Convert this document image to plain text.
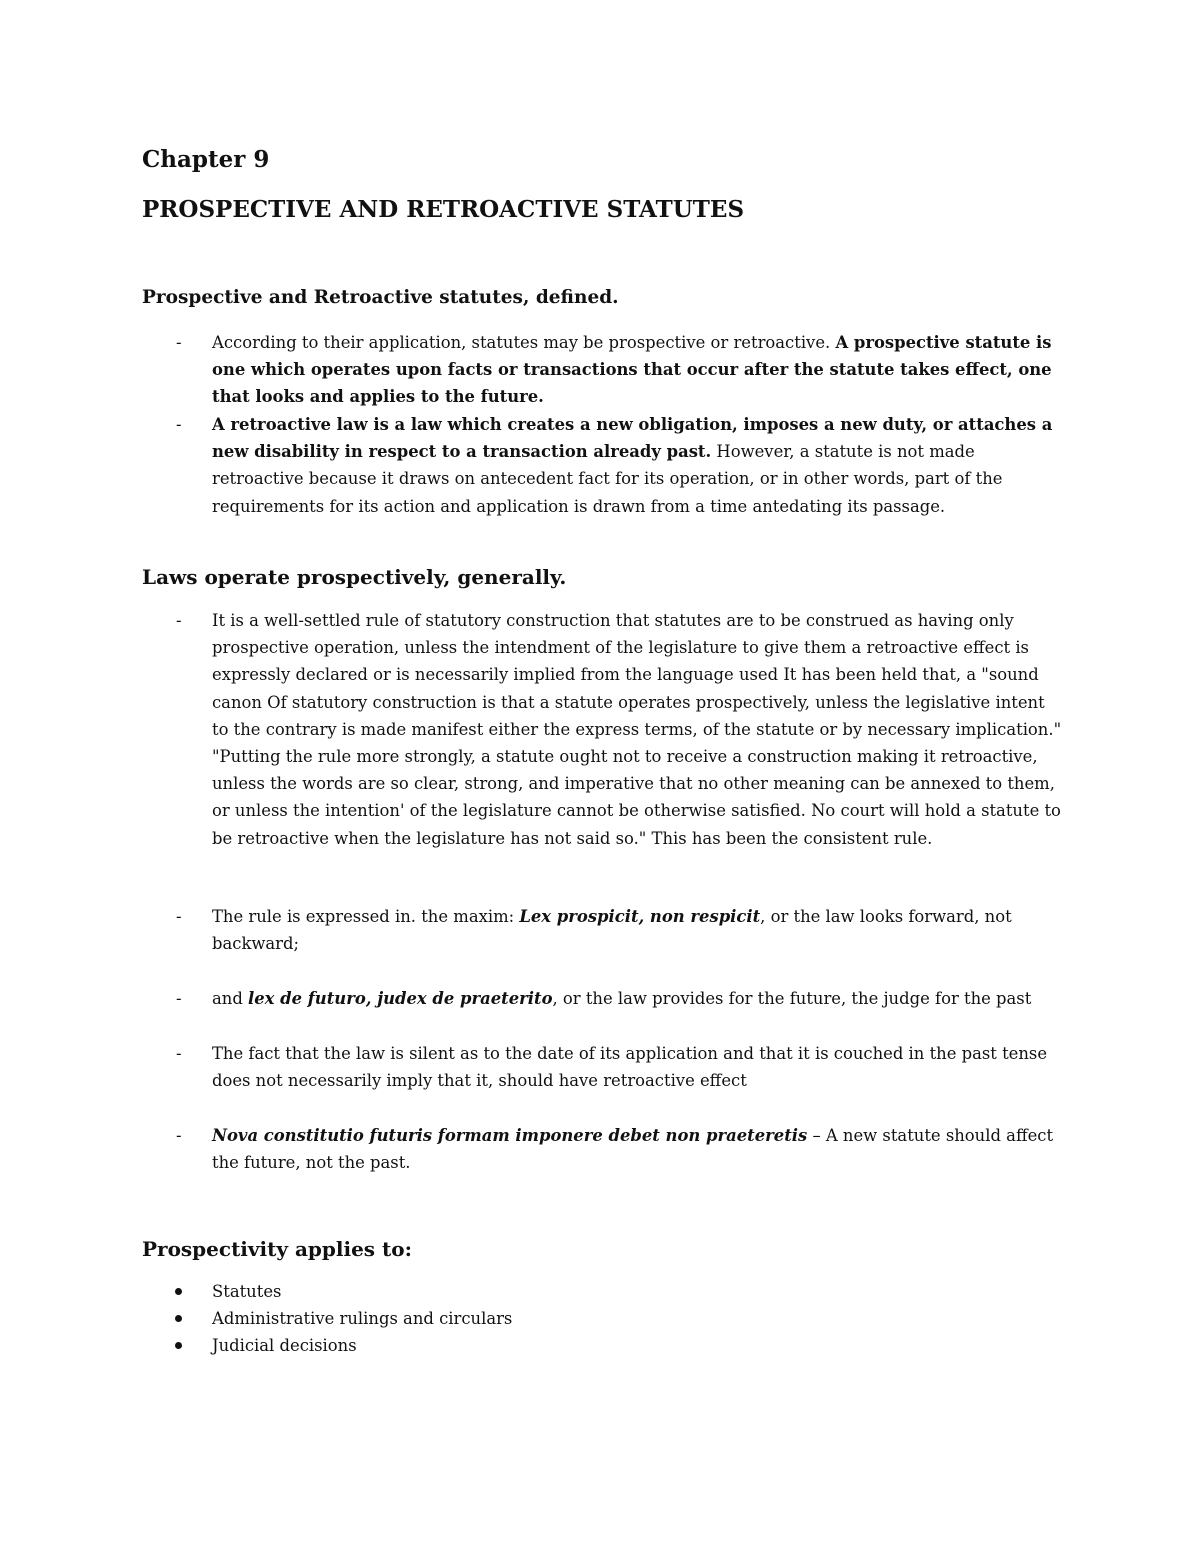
Chapter 9
PROSPECTIVE AND RETROACTIVE STATUTES
Prospective and Retroactive statutes, defined.
- According to their application, statutes may be prospective or retroactive. A prospective statute is one which operates upon facts or transactions that occur after the statute takes effect, one that looks and applies to the future.
- A retroactive law is a law which creates a new obligation, imposes a new duty, or attaches a new disability in respect to a transaction already past. However, a statute is not made retroactive because it draws on antecedent fact for its operation, or in other words, part of the requirements for its action and application is drawn from a time antedating its passage.
Laws operate prospectively, generally.
- It is a well-settled rule of statutory construction that statutes are to be construed as having only prospective operation, unless the intendment of the legislature to give them a retroactive effect is expressly declared or is necessarily implied from the language used It has been held that, a "sound canon Of statutory construction is that a statute operates prospectively, unless the legislative intent to the contrary is made manifest either the express terms, of the statute or by necessary implication." "Putting the rule more strongly, a statute ought not to receive a construction making it retroactive, unless the words are so clear, strong, and imperative that no other meaning can be annexed to them, or unless the intention' of the legislature cannot be otherwise satisfied. No court will hold a statute to be retroactive when the legislature has not said so." This has been the consistent rule.
- The rule is expressed in. the maxim: Lex prospicit, non respicit, or the law looks forward, not backward;
- and lex de futuro, judex de praeterito, or the law provides for the future, the judge for the past
- The fact that the law is silent as to the date of its application and that it is couched in the past tense does not necessarily imply that it, should have retroactive effect
- Nova constitutio futuris formam imponere debet non praeteretis – A new statute should affect the future, not the past.
Prospectivity applies to:
Statutes
Administrative rulings and circulars
Judicial decisions
